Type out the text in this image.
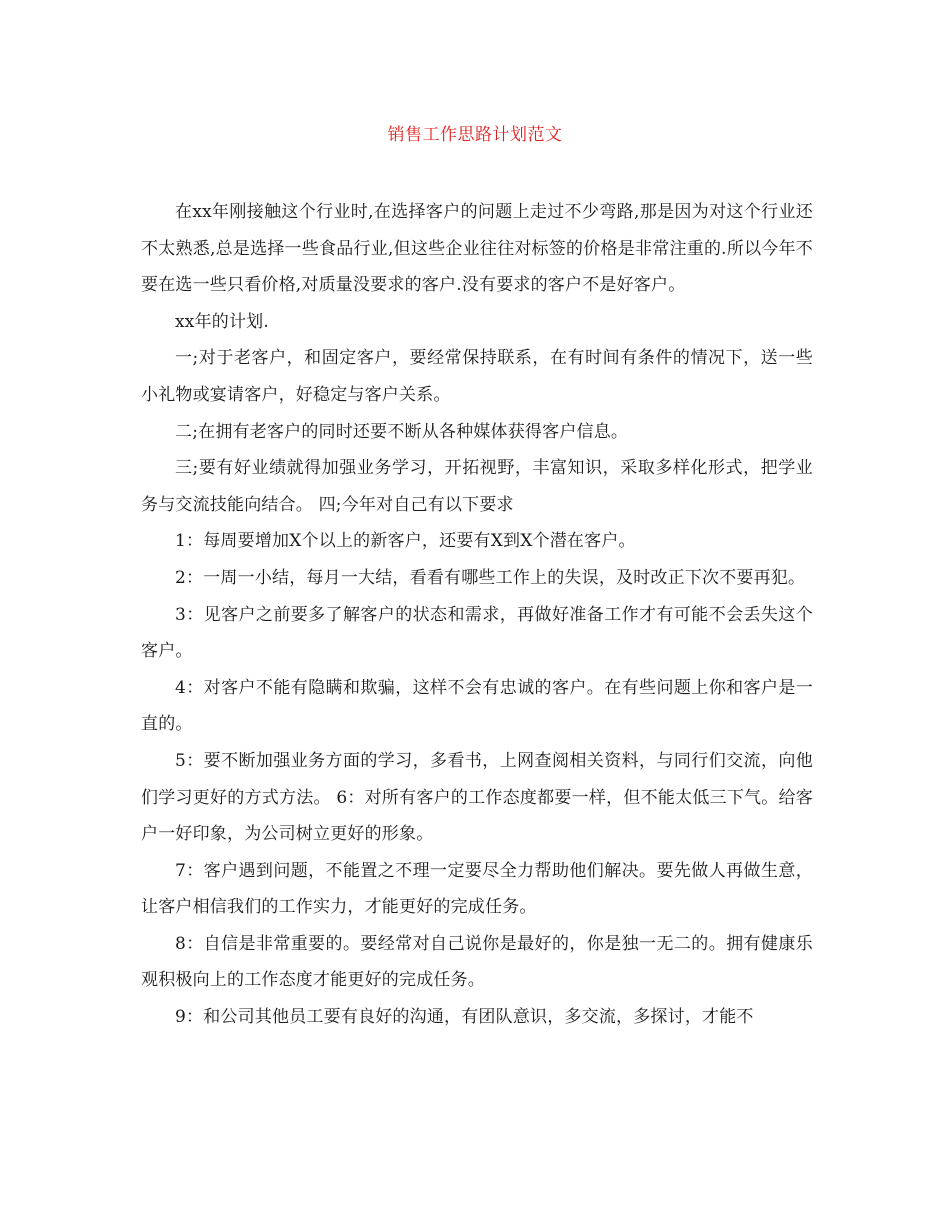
销售工作思路计划范文

在xx年刚接触这个行业时,在选择客户的问题上走过不少弯路,那是因为对这个行业还不太熟悉,总是选择一些食品行业,但这些企业往往对标签的价格是非常注重的.所以今年不要在选一些只看价格,对质量没要求的客户.没有要求的客户不是好客户。

xx年的计划.

一;对于老客户，和固定客户，要经常保持联系，在有时间有条件的情况下，送一些小礼物或宴请客户，好稳定与客户关系。

二;在拥有老客户的同时还要不断从各种媒体获得客户信息。

三;要有好业绩就得加强业务学习，开拓视野，丰富知识，采取多样化形式，把学业务与交流技能向结合。 四;今年对自己有以下要求

1：每周要增加X个以上的新客户，还要有X到X个潜在客户。

2：一周一小结，每月一大结，看看有哪些工作上的失误，及时改正下次不要再犯。

3：见客户之前要多了解客户的状态和需求，再做好准备工作才有可能不会丢失这个客户。

4：对客户不能有隐瞒和欺骗，这样不会有忠诚的客户。在有些问题上你和客户是一直的。

5：要不断加强业务方面的学习，多看书，上网查阅相关资料，与同行们交流，向他们学习更好的方式方法。 6：对所有客户的工作态度都要一样，但不能太低三下气。给客户一好印象，为公司树立更好的形象。

7：客户遇到问题，不能置之不理一定要尽全力帮助他们解决。要先做人再做生意，让客户相信我们的工作实力，才能更好的完成任务。

8：自信是非常重要的。要经常对自己说你是最好的，你是独一无二的。拥有健康乐观积极向上的工作态度才能更好的完成任务。

9：和公司其他员工要有良好的沟通，有团队意识，多交流，多探讨，才能不
